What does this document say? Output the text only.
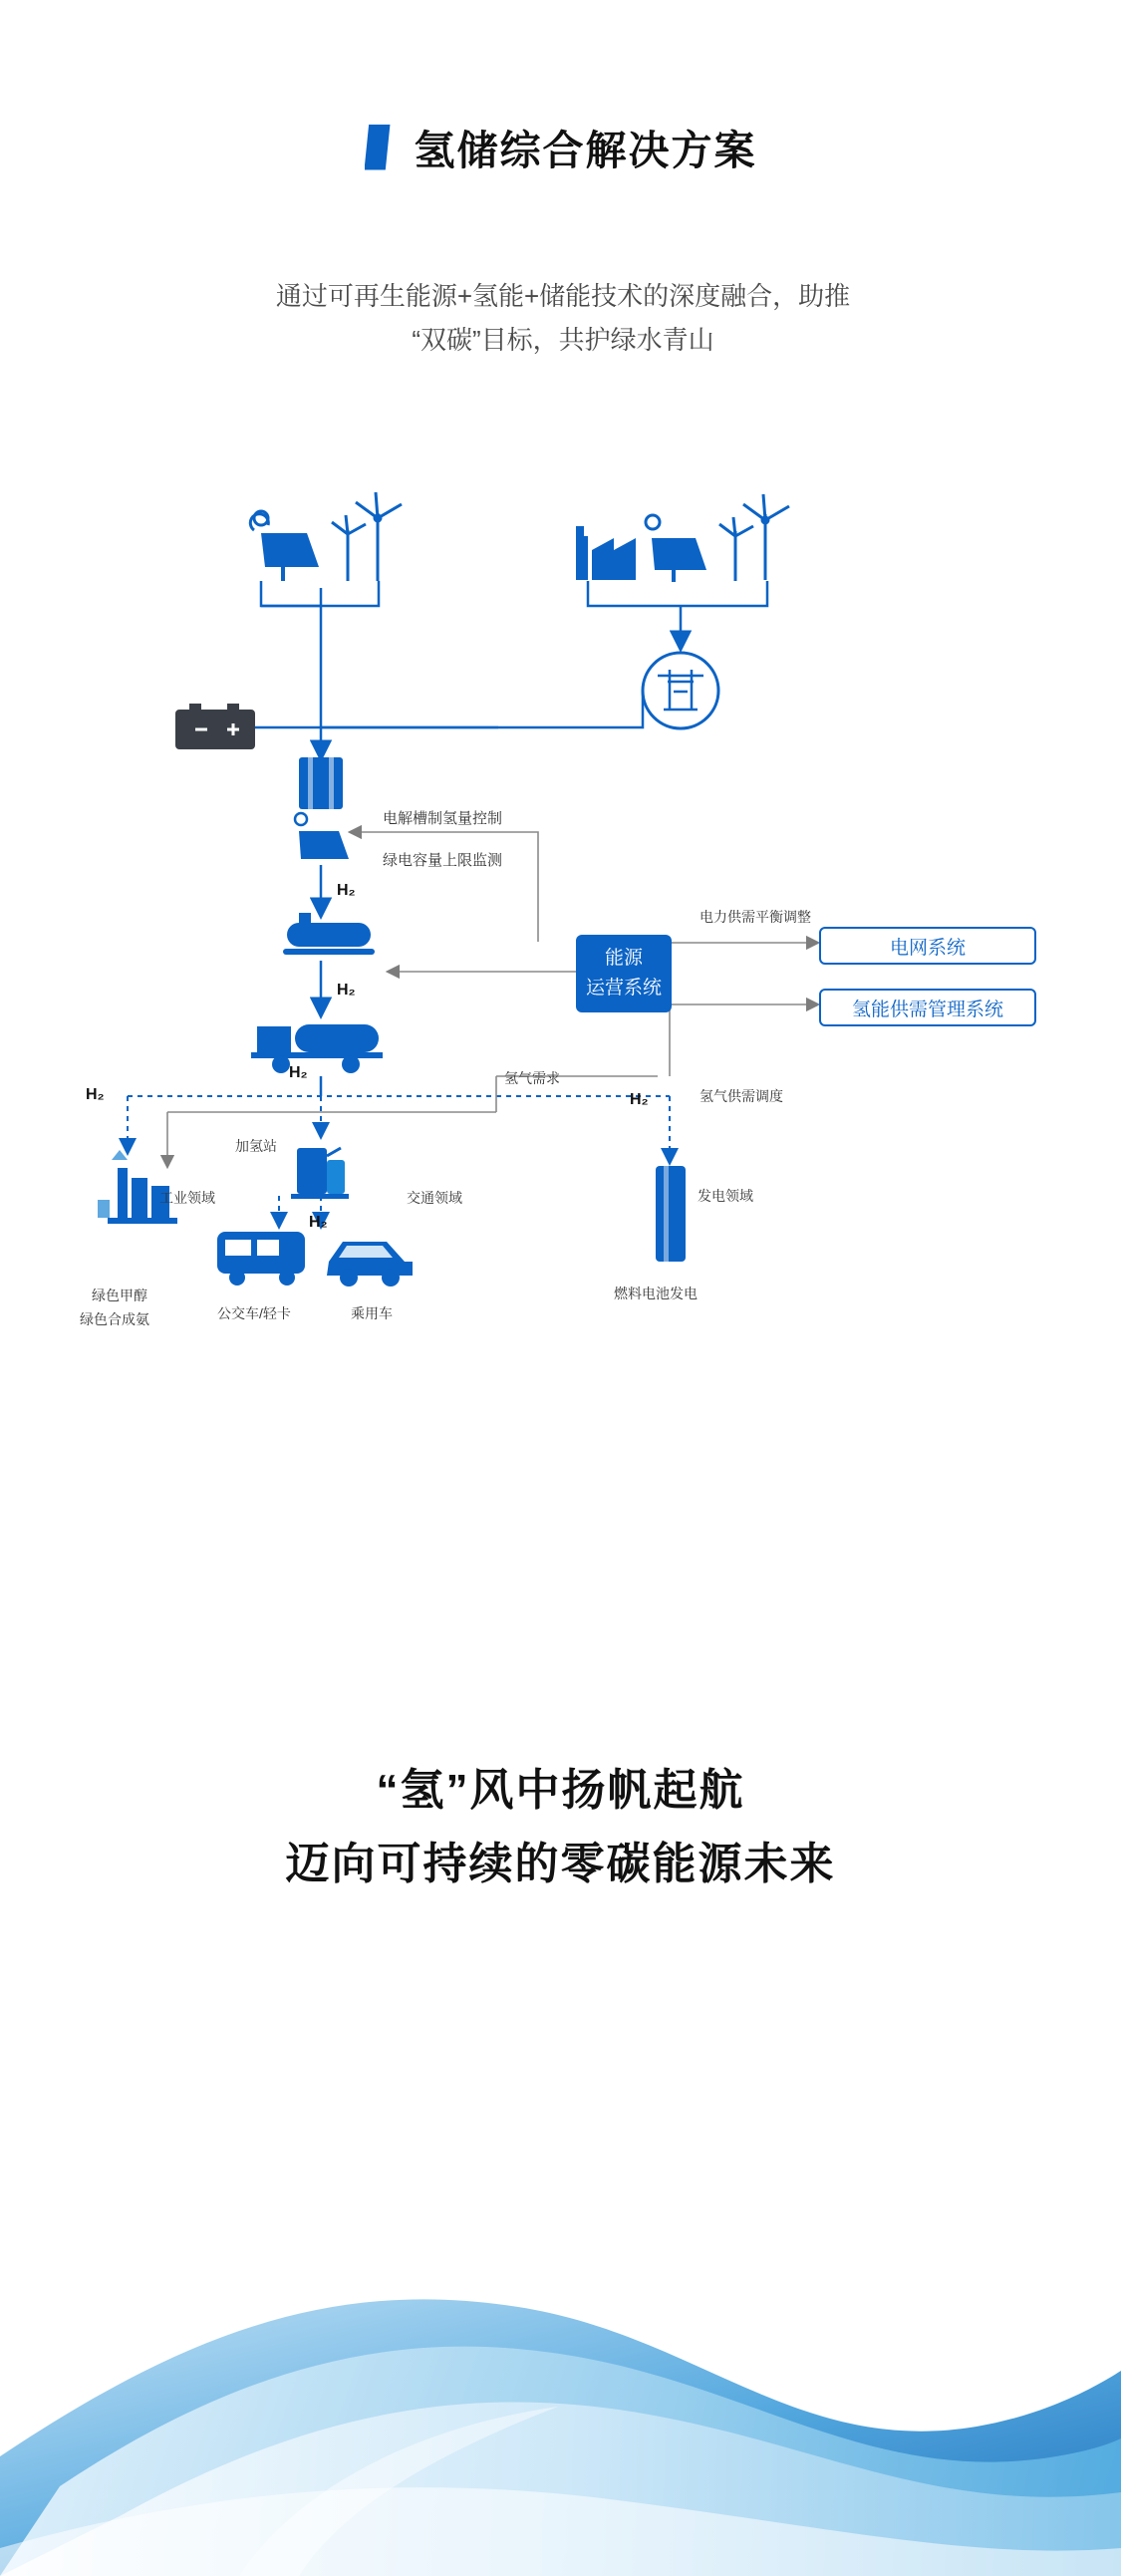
氢储综合解决方案
通过可再生能源+氢能+储能技术的深度融合，助推
“双碳”目标，共护绿水青山
能源
运营系统
电网系统
氢能供需管理系统
电解槽制氢量控制
绿电容量上限监测
电力供需平衡调整
氢气供需调度
氢气需求
H₂
H₂
H₂
H₂	H₂
H₂
工业领域	交通领域	发电领域
加氢站
绿色甲醇
绿色合成氨	公交车/轻卡	乘用车
燃料电池发电
“氢”风中扬帆起航
迈向可持续的零碳能源未来
